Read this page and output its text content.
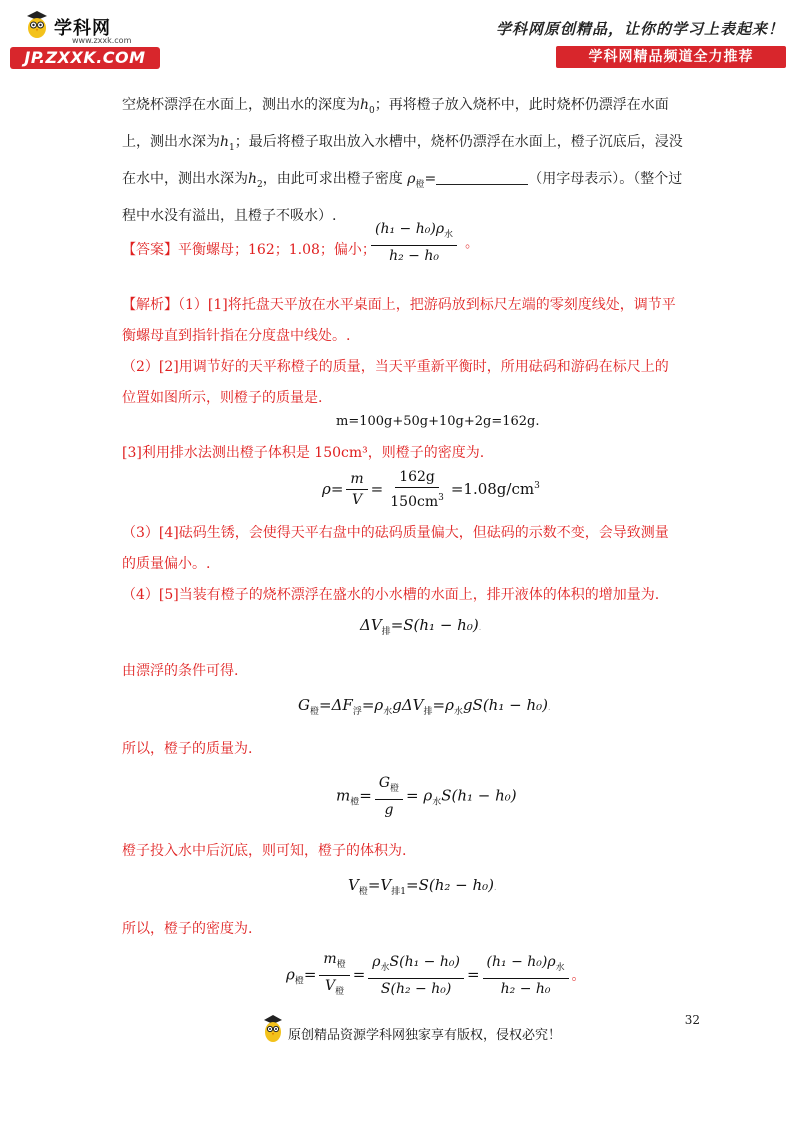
学科网
www.zxxk.com
JP.ZXXK.COM
学科网原创精品，让你的学习上表起来！
学科网精品频道全力推荐
空烧杯漂浮在水面上，测出水的深度为$h_0$；再将橙子放入烧杯中，此时烧杯仍漂浮在水面上，测出水深为$h_1$；最后将橙子取出放入水槽中，烧杯仍漂浮在水面上，橙子沉底后，浸没在水中，测出水深为$h_2$，由此可求出橙子密度 $\rho_橙=$	（用字母表示）。（整个过程中水没有溢出，且橙子不吸水）.
【答案】平衡螺母；162；1.08；偏小；
$\frac{(h_1 - h_0)\rho_水}{\text{h₂ − h₀}}$ 。
【解析】（1）[1]将托盘天平放在水平桌面上，把游码放到标尺左端的零刻度线处，调节平衡螺母直到指针指在分度盘中线处。.
（2）[2]用调节好的天平称橙子的质量，当天平重新平衡时，所用砝码和游码在标尺上的位置如图所示，则橙子的质量是.
m=100g+50g+10g+2g=162g.
[3]利用排水法测出橙子体积是 150cm³，则橙子的密度为.
$\rho= \frac{m}{V} = \frac{162g}{150cm^3} =1.08g/cm^3$
（3）[4]砝码生锈，会使得天平右盘中的砝码质量偏大，但砝码的示数不变，会导致测量的质量偏小。.
（4）[5]当装有橙子的烧杯漂浮在盛水的小水槽的水面上，排开液体的体积的增加量为.
$\Delta V_排=S(h_1 - h_0)$.
由漂浮的条件可得.
$G_橙=\Delta F_浮=\rho_水g\Delta V_排=\rho_水gS(h_1 - h_0)$.
所以，橙子的质量为.
$m_橙= \frac{G_橙}{g} = \rho_水S(h_1 - h_0)$
橙子投入水中后沉底，则可知，橙子的体积为.
$V_橙=V_{排1}=S(h_2 - h_0)$.
所以，橙子的密度为.
$\rho_橙= \frac{m_橙}{V_橙} = \frac{\rho_水S(h_1 - h_0)}{\text{S(h₂ − h₀)}} = \frac{(h_1 - h_0)\rho_水}{\text{h₂ − h₀}}$ 。
32
原创精品资源学科网独家享有版权，侵权必究！
